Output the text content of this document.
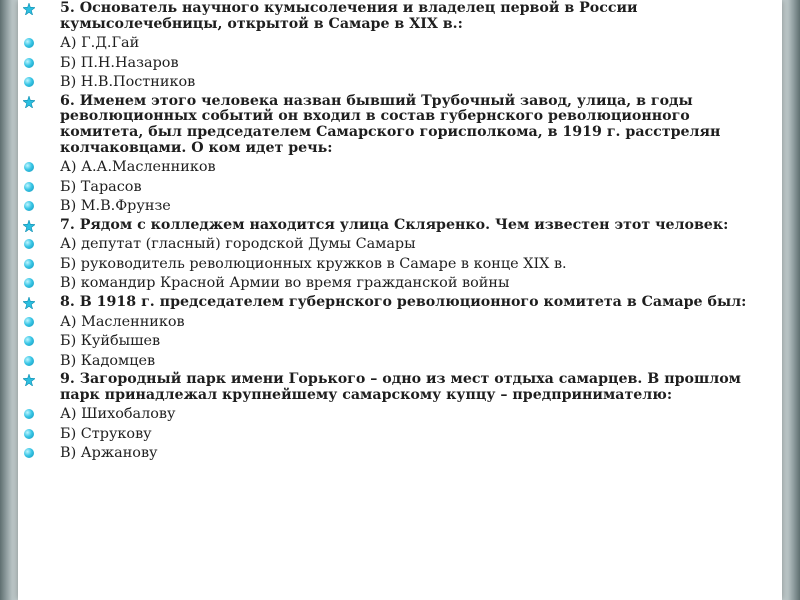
5. Основатель научного кумысолечения и владелец первой в России кумысолечебницы, открытой в Самаре в XIX в.:
А) Г.Д.Гай
Б) П.Н.Назаров
В) Н.В.Постников
6. Именем этого человека назван бывший Трубочный завод, улица, в годы революционных событий он входил в состав губернского революционного комитета, был председателем Самарского горисполкома, в 1919 г. расстрелян колчаковцами. О ком идет речь:
А) А.А.Масленников
Б) Тарасов
В) М.В.Фрунзе
7. Рядом с колледжем находится улица Скляренко. Чем известен этот человек:
А) депутат (гласный) городской Думы Самары
Б) руководитель революционных кружков в Самаре в конце XIX в.
В) командир Красной Армии во время гражданской войны
8. В 1918 г. председателем губернского революционного комитета в Самаре был:
А) Масленников
Б) Куйбышев
В) Кадомцев
9. Загородный парк имени Горького – одно из мест отдыха самарцев. В прошлом парк принадлежал крупнейшему самарскому купцу – предпринимателю:
А) Шихобалову
Б) Струкову
В) Аржанову
